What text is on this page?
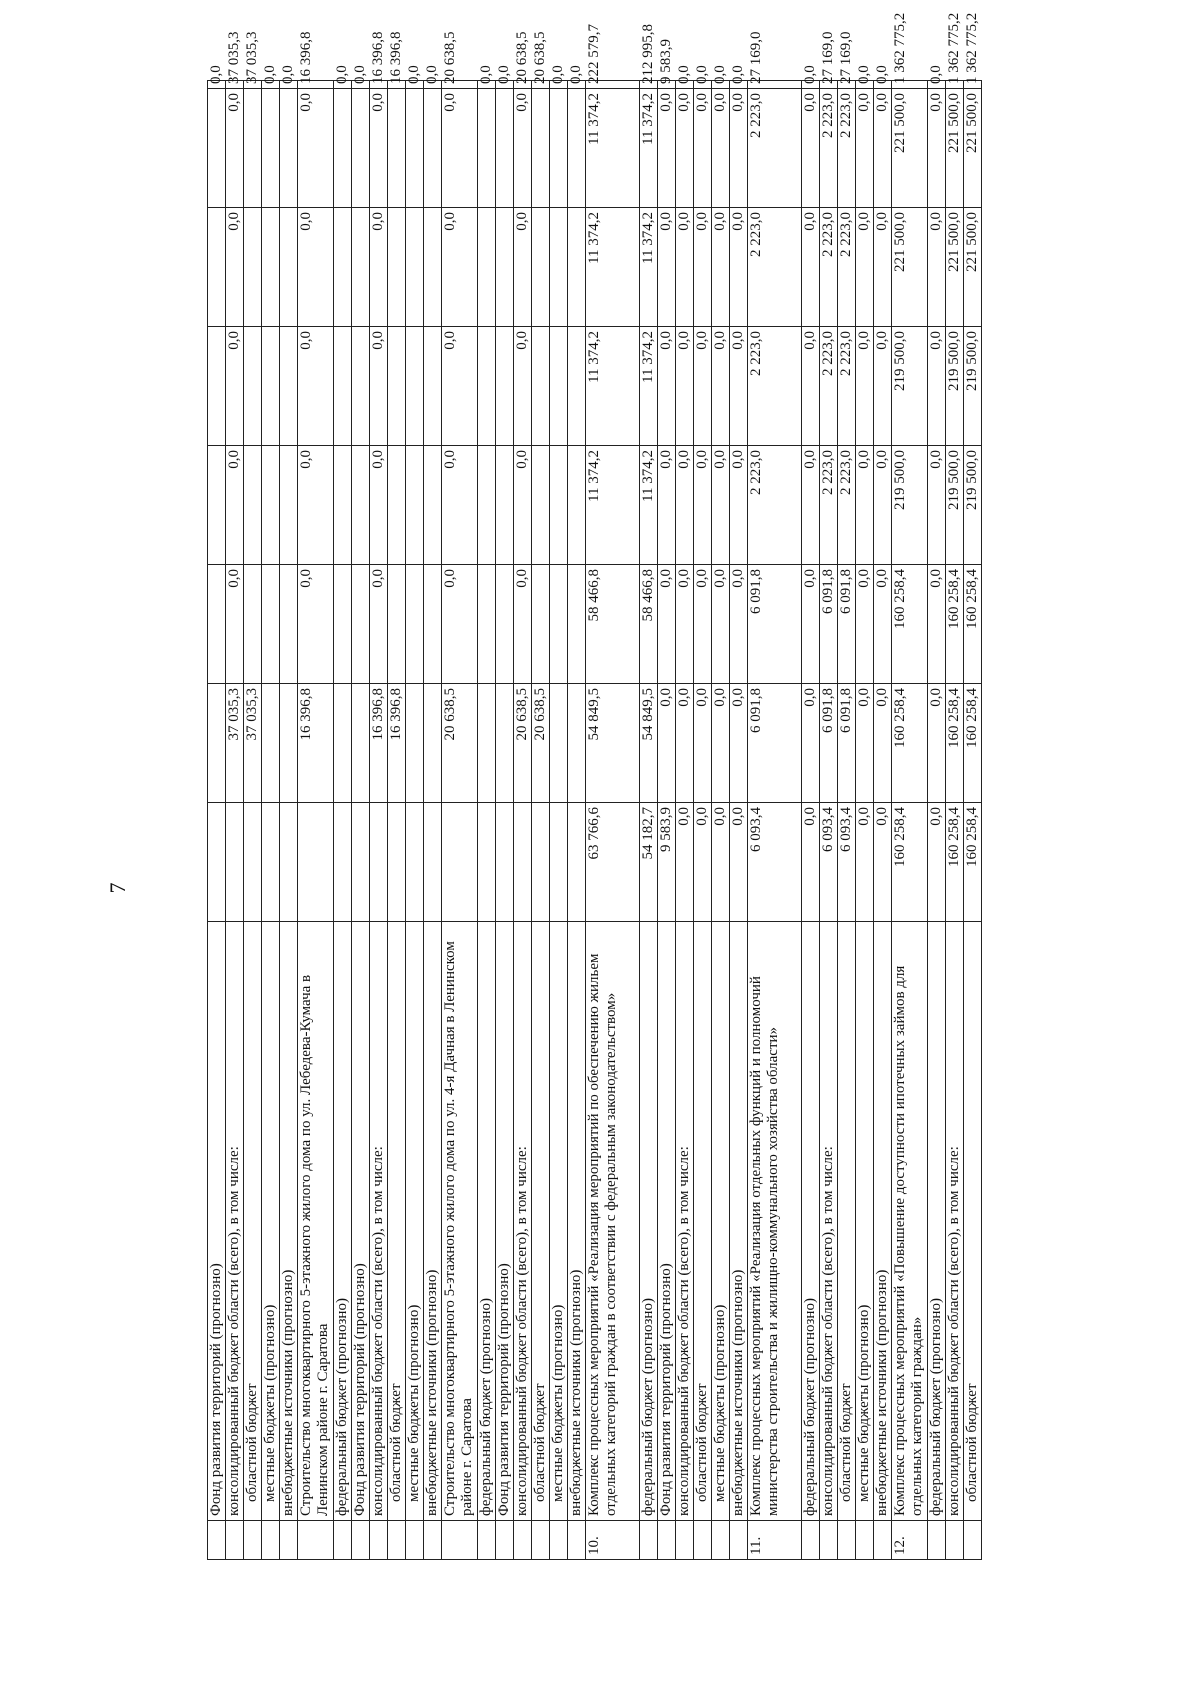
7
	Фонд развития территорий (прогнозно)								0,0
	консолидированный бюджет области (всего), в том числе:		37 035,3	0,0	0,0	0,0	0,0	0,0	37 035,3
	областной бюджет		37 035,3						37 035,3
	местные бюджеты (прогнозно)								0,0
	внебюджетные источники (прогнозно)								0,0
	Строительство многоквартирного 5-этажного жилого дома по ул. Лебедева-Кумача в Ленинском районе г. Саратова		16 396,8	0,0	0,0	0,0	0,0	0,0	16 396,8
	федеральный бюджет (прогнозно)								0,0
	Фонд развития территорий (прогнозно)								0,0
	консолидированный бюджет области (всего), в том числе:		16 396,8	0,0	0,0	0,0	0,0	0,0	16 396,8
	областной бюджет		16 396,8						16 396,8
	местные бюджеты (прогнозно)								0,0
	внебюджетные источники (прогнозно)								0,0
	Строительство многоквартирного 5-этажного жилого дома по ул. 4-я Дачная в Ленинском районе г. Саратова		20 638,5	0,0	0,0	0,0	0,0	0,0	20 638,5
	федеральный бюджет (прогнозно)								0,0
	Фонд развития территорий (прогнозно)								0,0
	консолидированный бюджет области (всего), в том числе:		20 638,5	0,0	0,0	0,0	0,0	0,0	20 638,5
	областной бюджет		20 638,5						20 638,5
	местные бюджеты (прогнозно)								0,0
	внебюджетные источники (прогнозно)								0,0
10.	Комплекс процессных мероприятий «Реализация мероприятий по обеспечению жильем отдельных категорий граждан в соответствии с федеральным законодательством»	63 766,6	54 849,5	58 466,8	11 374,2	11 374,2	11 374,2	11 374,2	222 579,7
	федеральный бюджет (прогнозно)	54 182,7	54 849,5	58 466,8	11 374,2	11 374,2	11 374,2	11 374,2	212 995,8
	Фонд развития территорий (прогнозно)	9 583,9	0,0	0,0	0,0	0,0	0,0	0,0	9 583,9
	консолидированный бюджет области (всего), в том числе:	0,0	0,0	0,0	0,0	0,0	0,0	0,0	0,0
	областной бюджет	0,0	0,0	0,0	0,0	0,0	0,0	0,0	0,0
	местные бюджеты (прогнозно)	0,0	0,0	0,0	0,0	0,0	0,0	0,0	0,0
	внебюджетные источники (прогнозно)	0,0	0,0	0,0	0,0	0,0	0,0	0,0	0,0
11.	Комплекс процессных мероприятий «Реализация отдельных функций и полномочий министерства строительства и жилищно-коммунального хозяйства области»	6 093,4	6 091,8	6 091,8	2 223,0	2 223,0	2 223,0	2 223,0	27 169,0
	федеральный бюджет (прогнозно)	0,0	0,0	0,0	0,0	0,0	0,0	0,0	0,0
	консолидированный бюджет области (всего), в том числе:	6 093,4	6 091,8	6 091,8	2 223,0	2 223,0	2 223,0	2 223,0	27 169,0
	областной бюджет	6 093,4	6 091,8	6 091,8	2 223,0	2 223,0	2 223,0	2 223,0	27 169,0
	местные бюджеты (прогнозно)	0,0	0,0	0,0	0,0	0,0	0,0	0,0	0,0
	внебюджетные источники (прогнозно)	0,0	0,0	0,0	0,0	0,0	0,0	0,0	0,0
12.	Комплекс процессных мероприятий «Повышение доступности ипотечных займов для отдельных категорий граждан»	160 258,4	160 258,4	160 258,4	219 500,0	219 500,0	221 500,0	221 500,0	1 362 775,2
	федеральный бюджет (прогнозно)	0,0	0,0	0,0	0,0	0,0	0,0	0,0	0,0
	консолидированный бюджет области (всего), в том числе:	160 258,4	160 258,4	160 258,4	219 500,0	219 500,0	221 500,0	221 500,0	1 362 775,2
	областной бюджет	160 258,4	160 258,4	160 258,4	219 500,0	219 500,0	221 500,0	221 500,0	1 362 775,2
